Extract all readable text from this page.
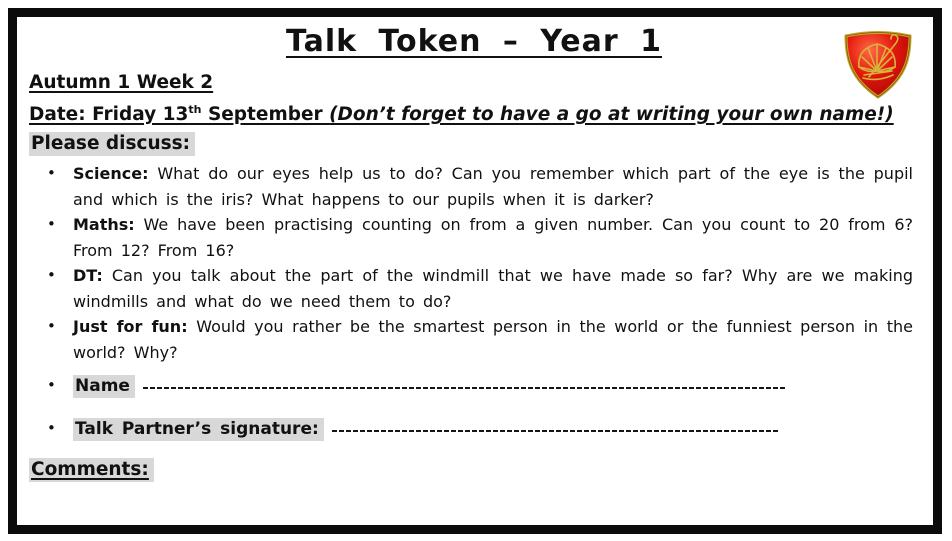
Talk Token – Year 1
Autumn 1 Week 2
Date: Friday 13th September (Don’t forget to have a go at writing your own name!)
Please discuss:
•	Science: What do our eyes help us to do? Can you remember which part of the eye is the pupil and which is the iris? What happens to our pupils when it is darker?
•	Maths: We have been practising counting on from a given number. Can you count to 20 from 6? From 12? From 16?
•	DT: Can you talk about the part of the windmill that we have made so far? Why are we making windmills and what do we need them to do?
•	Just for fun: Would you rather be the smartest person in the world or the funniest person in the world? Why?
•	Name
•	Talk Partner’s signature:
Comments:
